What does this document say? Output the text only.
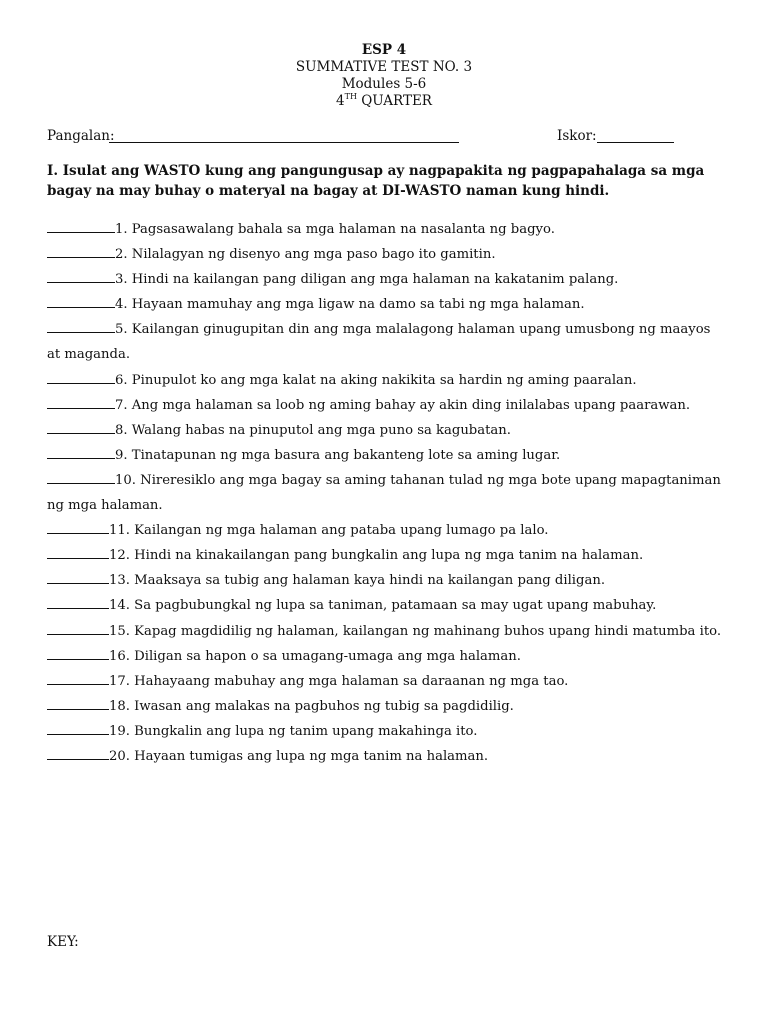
ESP 4
SUMMATIVE TEST NO. 3
Modules 5-6
4TH QUARTER
Pangalan:	Iskor:
I. Isulat ang WASTO kung ang pangungusap ay nagpapakita ng pagpapahalaga sa mga bagay na may buhay o materyal na bagay at DI-WASTO naman kung hindi.

1. Pagsasawalang bahala sa mga halaman na nasalanta ng bagyo.

2. Nilalagyan ng disenyo ang mga paso bago ito gamitin.

3. Hindi na kailangan pang diligan ang mga halaman na kakatanim palang.

4. Hayaan mamuhay ang mga ligaw na damo sa tabi ng mga halaman.

5. Kailangan ginugupitan din ang mga malalagong halaman upang umusbong ng maayos at maganda.

6. Pinupulot ko ang mga kalat na aking nakikita sa hardin ng aming paaralan.

7. Ang mga halaman sa loob ng aming bahay ay akin ding inilalabas upang paarawan.

8. Walang habas na pinuputol ang mga puno sa kagubatan.

9. Tinatapunan ng mga basura ang bakanteng lote sa aming lugar.

10. Nireresiklo ang mga bagay sa aming tahanan tulad ng mga bote upang mapagtaniman ng mga halaman.

11. Kailangan ng mga halaman ang pataba upang lumago pa lalo.

12. Hindi na kinakailangan pang bungkalin ang lupa ng mga tanim na halaman.

13. Maaksaya sa tubig ang halaman kaya hindi na kailangan pang diligan.

14. Sa pagbubungkal ng lupa sa taniman, patamaan sa may ugat upang mabuhay.

15. Kapag magdidilig ng halaman, kailangan ng mahinang buhos upang hindi matumba ito.

16. Diligan sa hapon o sa umagang-umaga ang mga halaman.

17. Hahayaang mabuhay ang mga halaman sa daraanan ng mga tao.

18. Iwasan ang malakas na pagbuhos ng tubig sa pagdidilig.

19. Bungkalin ang lupa ng tanim upang makahinga ito.

20. Hayaan tumigas ang lupa ng mga tanim na halaman.

KEY:
